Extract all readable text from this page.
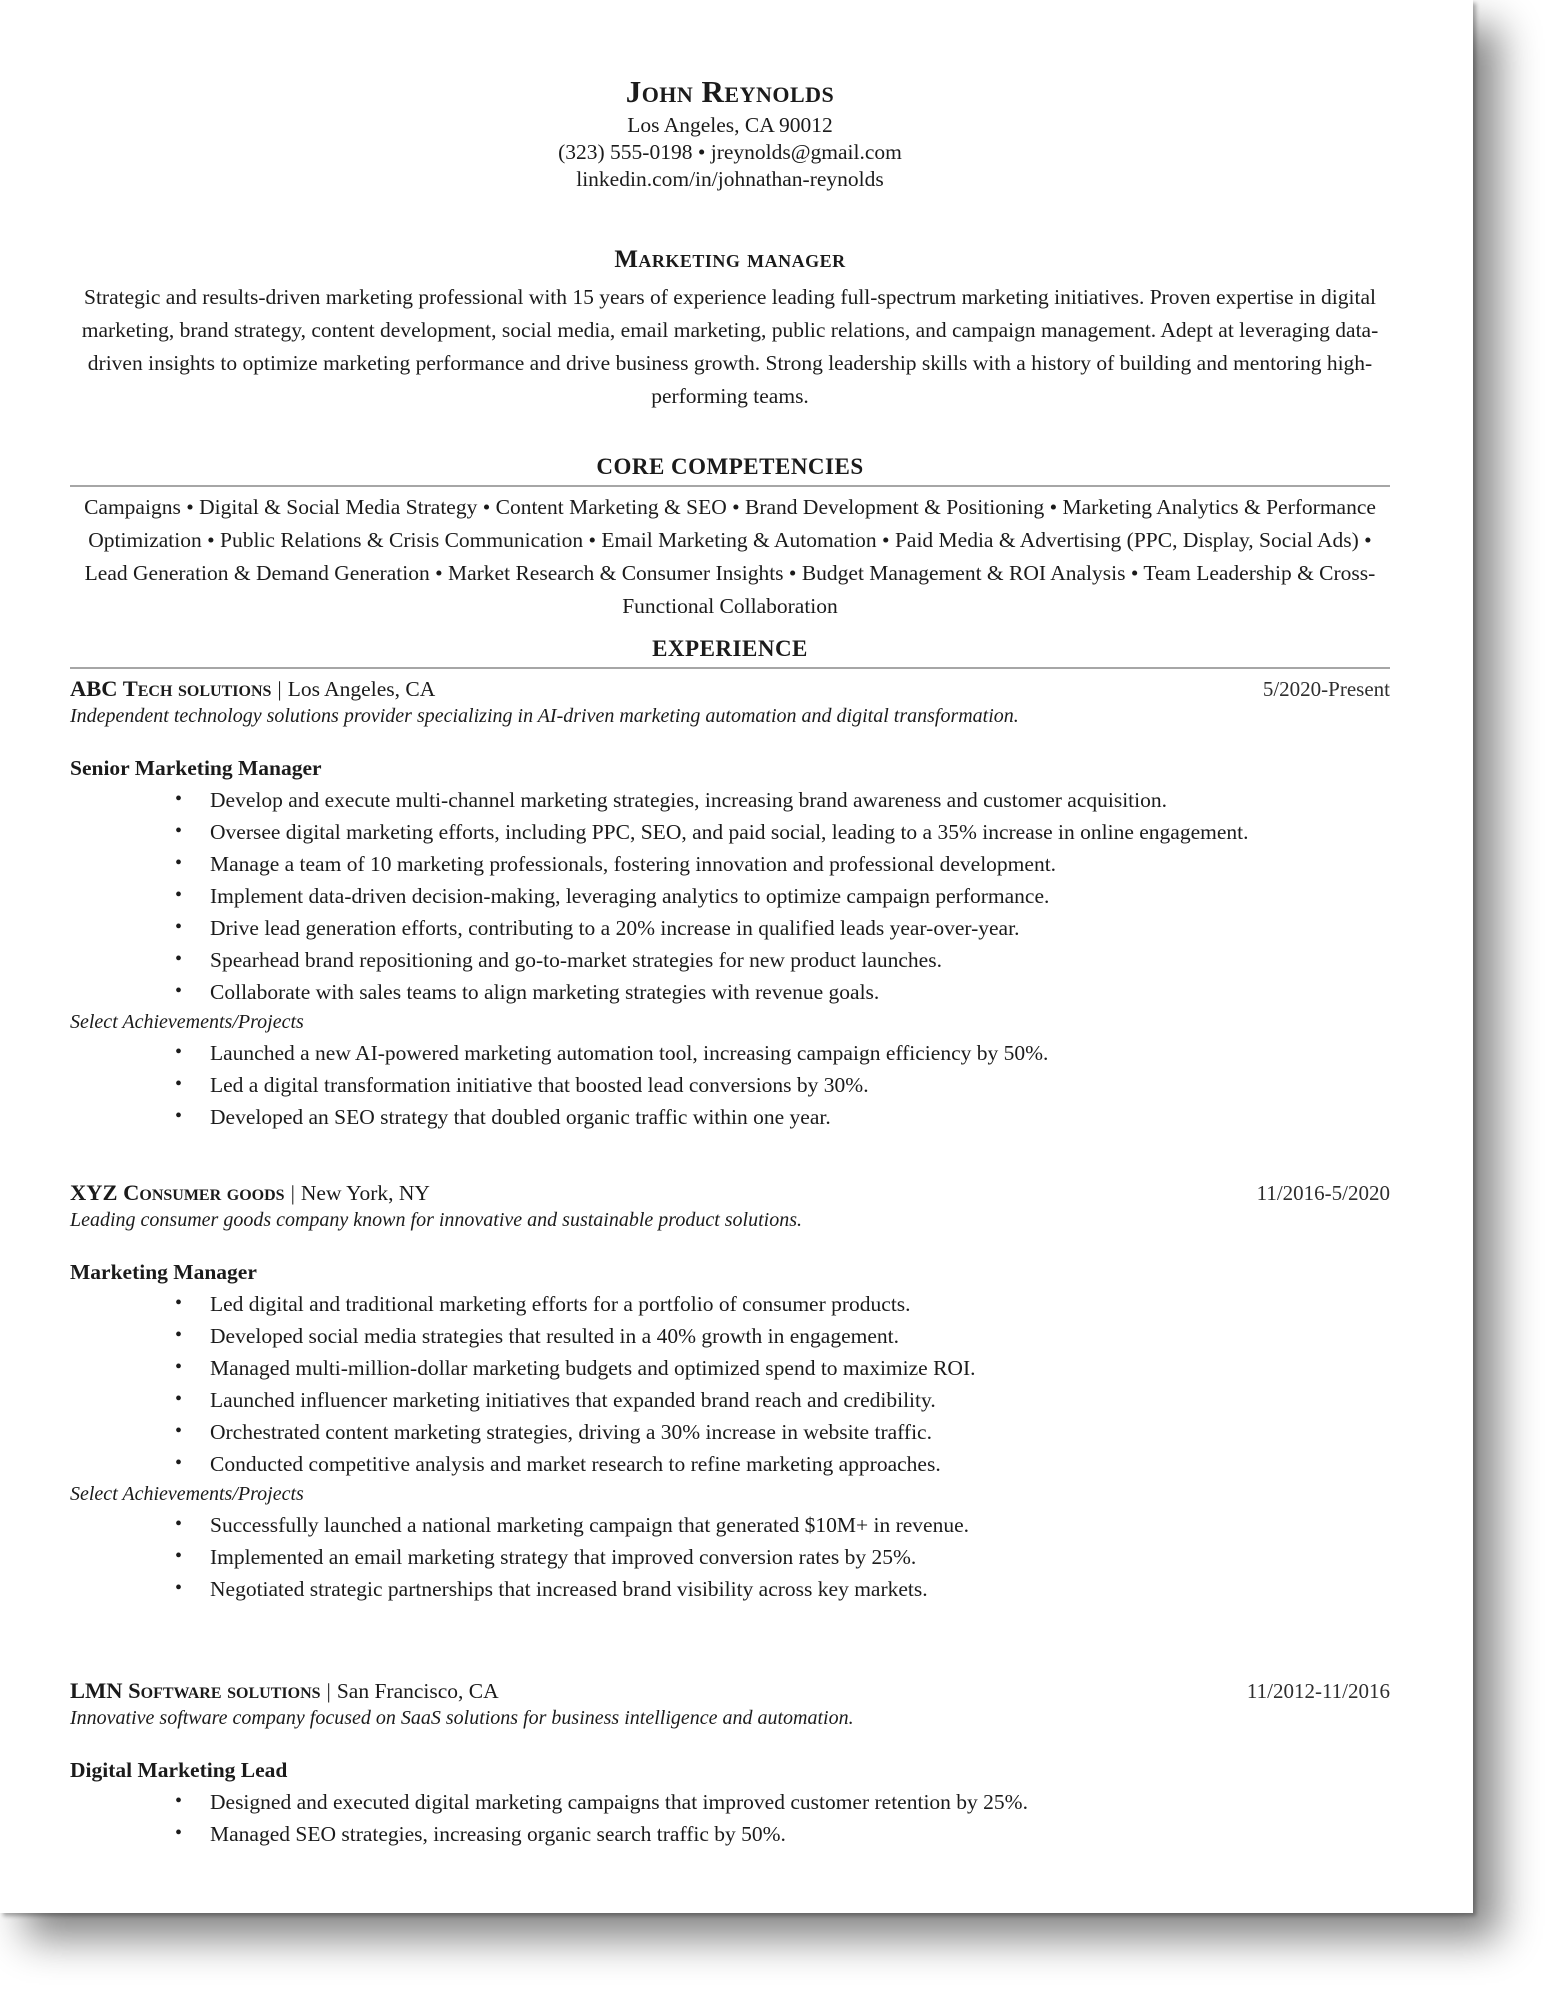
John Reynolds
Los Angeles, CA 90012
(323) 555-0198 • jreynolds@gmail.com
linkedin.com/in/johnathan-reynolds
Marketing manager
Strategic and results-driven marketing professional with 15 years of experience leading full-spectrum marketing initiatives. Proven expertise in digital marketing, brand strategy, content development, social media, email marketing, public relations, and campaign management. Adept at leveraging data-driven insights to optimize marketing performance and drive business growth. Strong leadership skills with a history of building and mentoring high-performing teams.
CORE COMPETENCIES
Campaigns • Digital & Social Media Strategy • Content Marketing & SEO • Brand Development & Positioning • Marketing Analytics & Performance Optimization • Public Relations & Crisis Communication • Email Marketing & Automation • Paid Media & Advertising (PPC, Display, Social Ads) • Lead Generation & Demand Generation • Market Research & Consumer Insights • Budget Management & ROI Analysis • Team Leadership & Cross-Functional Collaboration
EXPERIENCE
ABC Tech solutions | Los Angeles, CA	5/2020-Present
Independent technology solutions provider specializing in AI-driven marketing automation and digital transformation.
Senior Marketing Manager
• Develop and execute multi-channel marketing strategies, increasing brand awareness and customer acquisition.
• Oversee digital marketing efforts, including PPC, SEO, and paid social, leading to a 35% increase in online engagement.
• Manage a team of 10 marketing professionals, fostering innovation and professional development.
• Implement data-driven decision-making, leveraging analytics to optimize campaign performance.
• Drive lead generation efforts, contributing to a 20% increase in qualified leads year-over-year.
• Spearhead brand repositioning and go-to-market strategies for new product launches.
• Collaborate with sales teams to align marketing strategies with revenue goals.
Select Achievements/Projects
• Launched a new AI-powered marketing automation tool, increasing campaign efficiency by 50%.
• Led a digital transformation initiative that boosted lead conversions by 30%.
• Developed an SEO strategy that doubled organic traffic within one year.
XYZ Consumer goods | New York, NY	11/2016-5/2020
Leading consumer goods company known for innovative and sustainable product solutions.
Marketing Manager
• Led digital and traditional marketing efforts for a portfolio of consumer products.
• Developed social media strategies that resulted in a 40% growth in engagement.
• Managed multi-million-dollar marketing budgets and optimized spend to maximize ROI.
• Launched influencer marketing initiatives that expanded brand reach and credibility.
• Orchestrated content marketing strategies, driving a 30% increase in website traffic.
• Conducted competitive analysis and market research to refine marketing approaches.
Select Achievements/Projects
• Successfully launched a national marketing campaign that generated $10M+ in revenue.
• Implemented an email marketing strategy that improved conversion rates by 25%.
• Negotiated strategic partnerships that increased brand visibility across key markets.
LMN Software solutions | San Francisco, CA	11/2012-11/2016
Innovative software company focused on SaaS solutions for business intelligence and automation.
Digital Marketing Lead
• Designed and executed digital marketing campaigns that improved customer retention by 25%.
• Managed SEO strategies, increasing organic search traffic by 50%.
